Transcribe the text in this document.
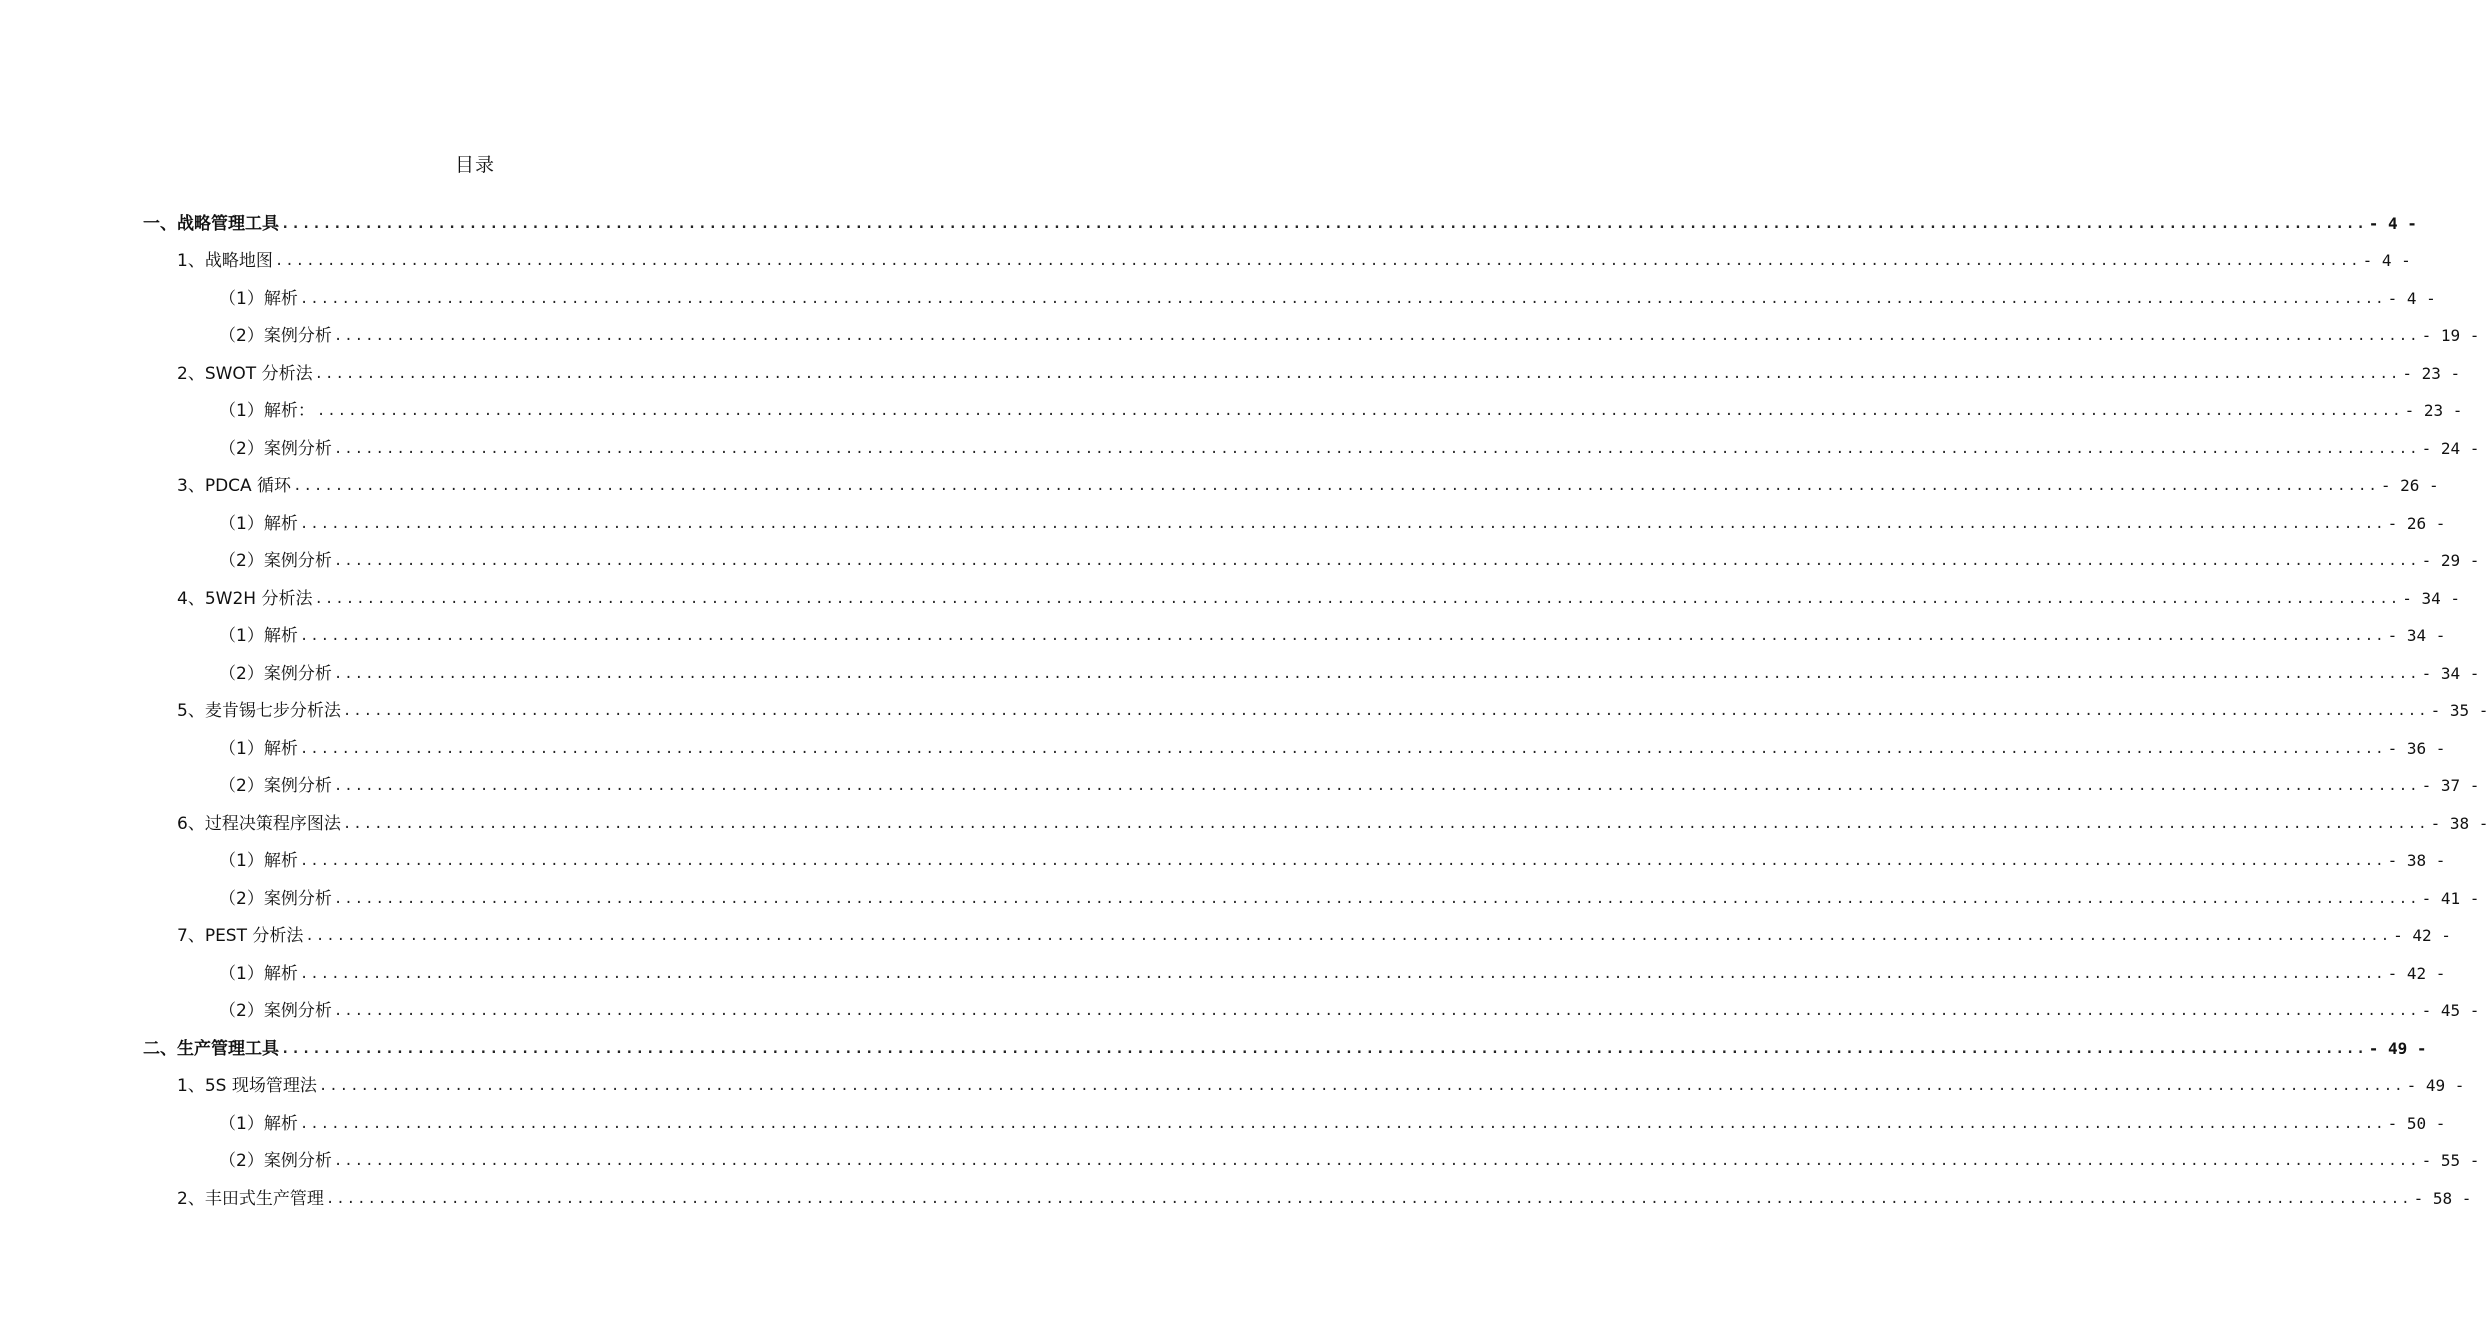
目录
一、战略管理工具 ........................................................................................................................................................................................................ - 4 -
1、战略地图 ........................................................................................................................................................................................................ - 4 -
（1）解析 ........................................................................................................................................................................................................ - 4 -
（2）案例分析 ........................................................................................................................................................................................................ - 19 -
2、SWOT 分析法 ........................................................................................................................................................................................................ - 23 -
（1）解析： ........................................................................................................................................................................................................ - 23 -
（2）案例分析 ........................................................................................................................................................................................................ - 24 -
3、PDCA 循环 ........................................................................................................................................................................................................ - 26 -
（1）解析 ........................................................................................................................................................................................................ - 26 -
（2）案例分析 ........................................................................................................................................................................................................ - 29 -
4、5W2H 分析法 ........................................................................................................................................................................................................ - 34 -
（1）解析 ........................................................................................................................................................................................................ - 34 -
（2）案例分析 ........................................................................................................................................................................................................ - 34 -
5、麦肯锡七步分析法 ........................................................................................................................................................................................................ - 35 -
（1）解析 ........................................................................................................................................................................................................ - 36 -
（2）案例分析 ........................................................................................................................................................................................................ - 37 -
6、过程决策程序图法 ........................................................................................................................................................................................................ - 38 -
（1）解析 ........................................................................................................................................................................................................ - 38 -
（2）案例分析 ........................................................................................................................................................................................................ - 41 -
7、PEST 分析法 ........................................................................................................................................................................................................ - 42 -
（1）解析 ........................................................................................................................................................................................................ - 42 -
（2）案例分析 ........................................................................................................................................................................................................ - 45 -
二、生产管理工具 ........................................................................................................................................................................................................ - 49 -
1、5S 现场管理法 ........................................................................................................................................................................................................ - 49 -
（1）解析 ........................................................................................................................................................................................................ - 50 -
（2）案例分析 ........................................................................................................................................................................................................ - 55 -
2、丰田式生产管理 ........................................................................................................................................................................................................ - 58 -
